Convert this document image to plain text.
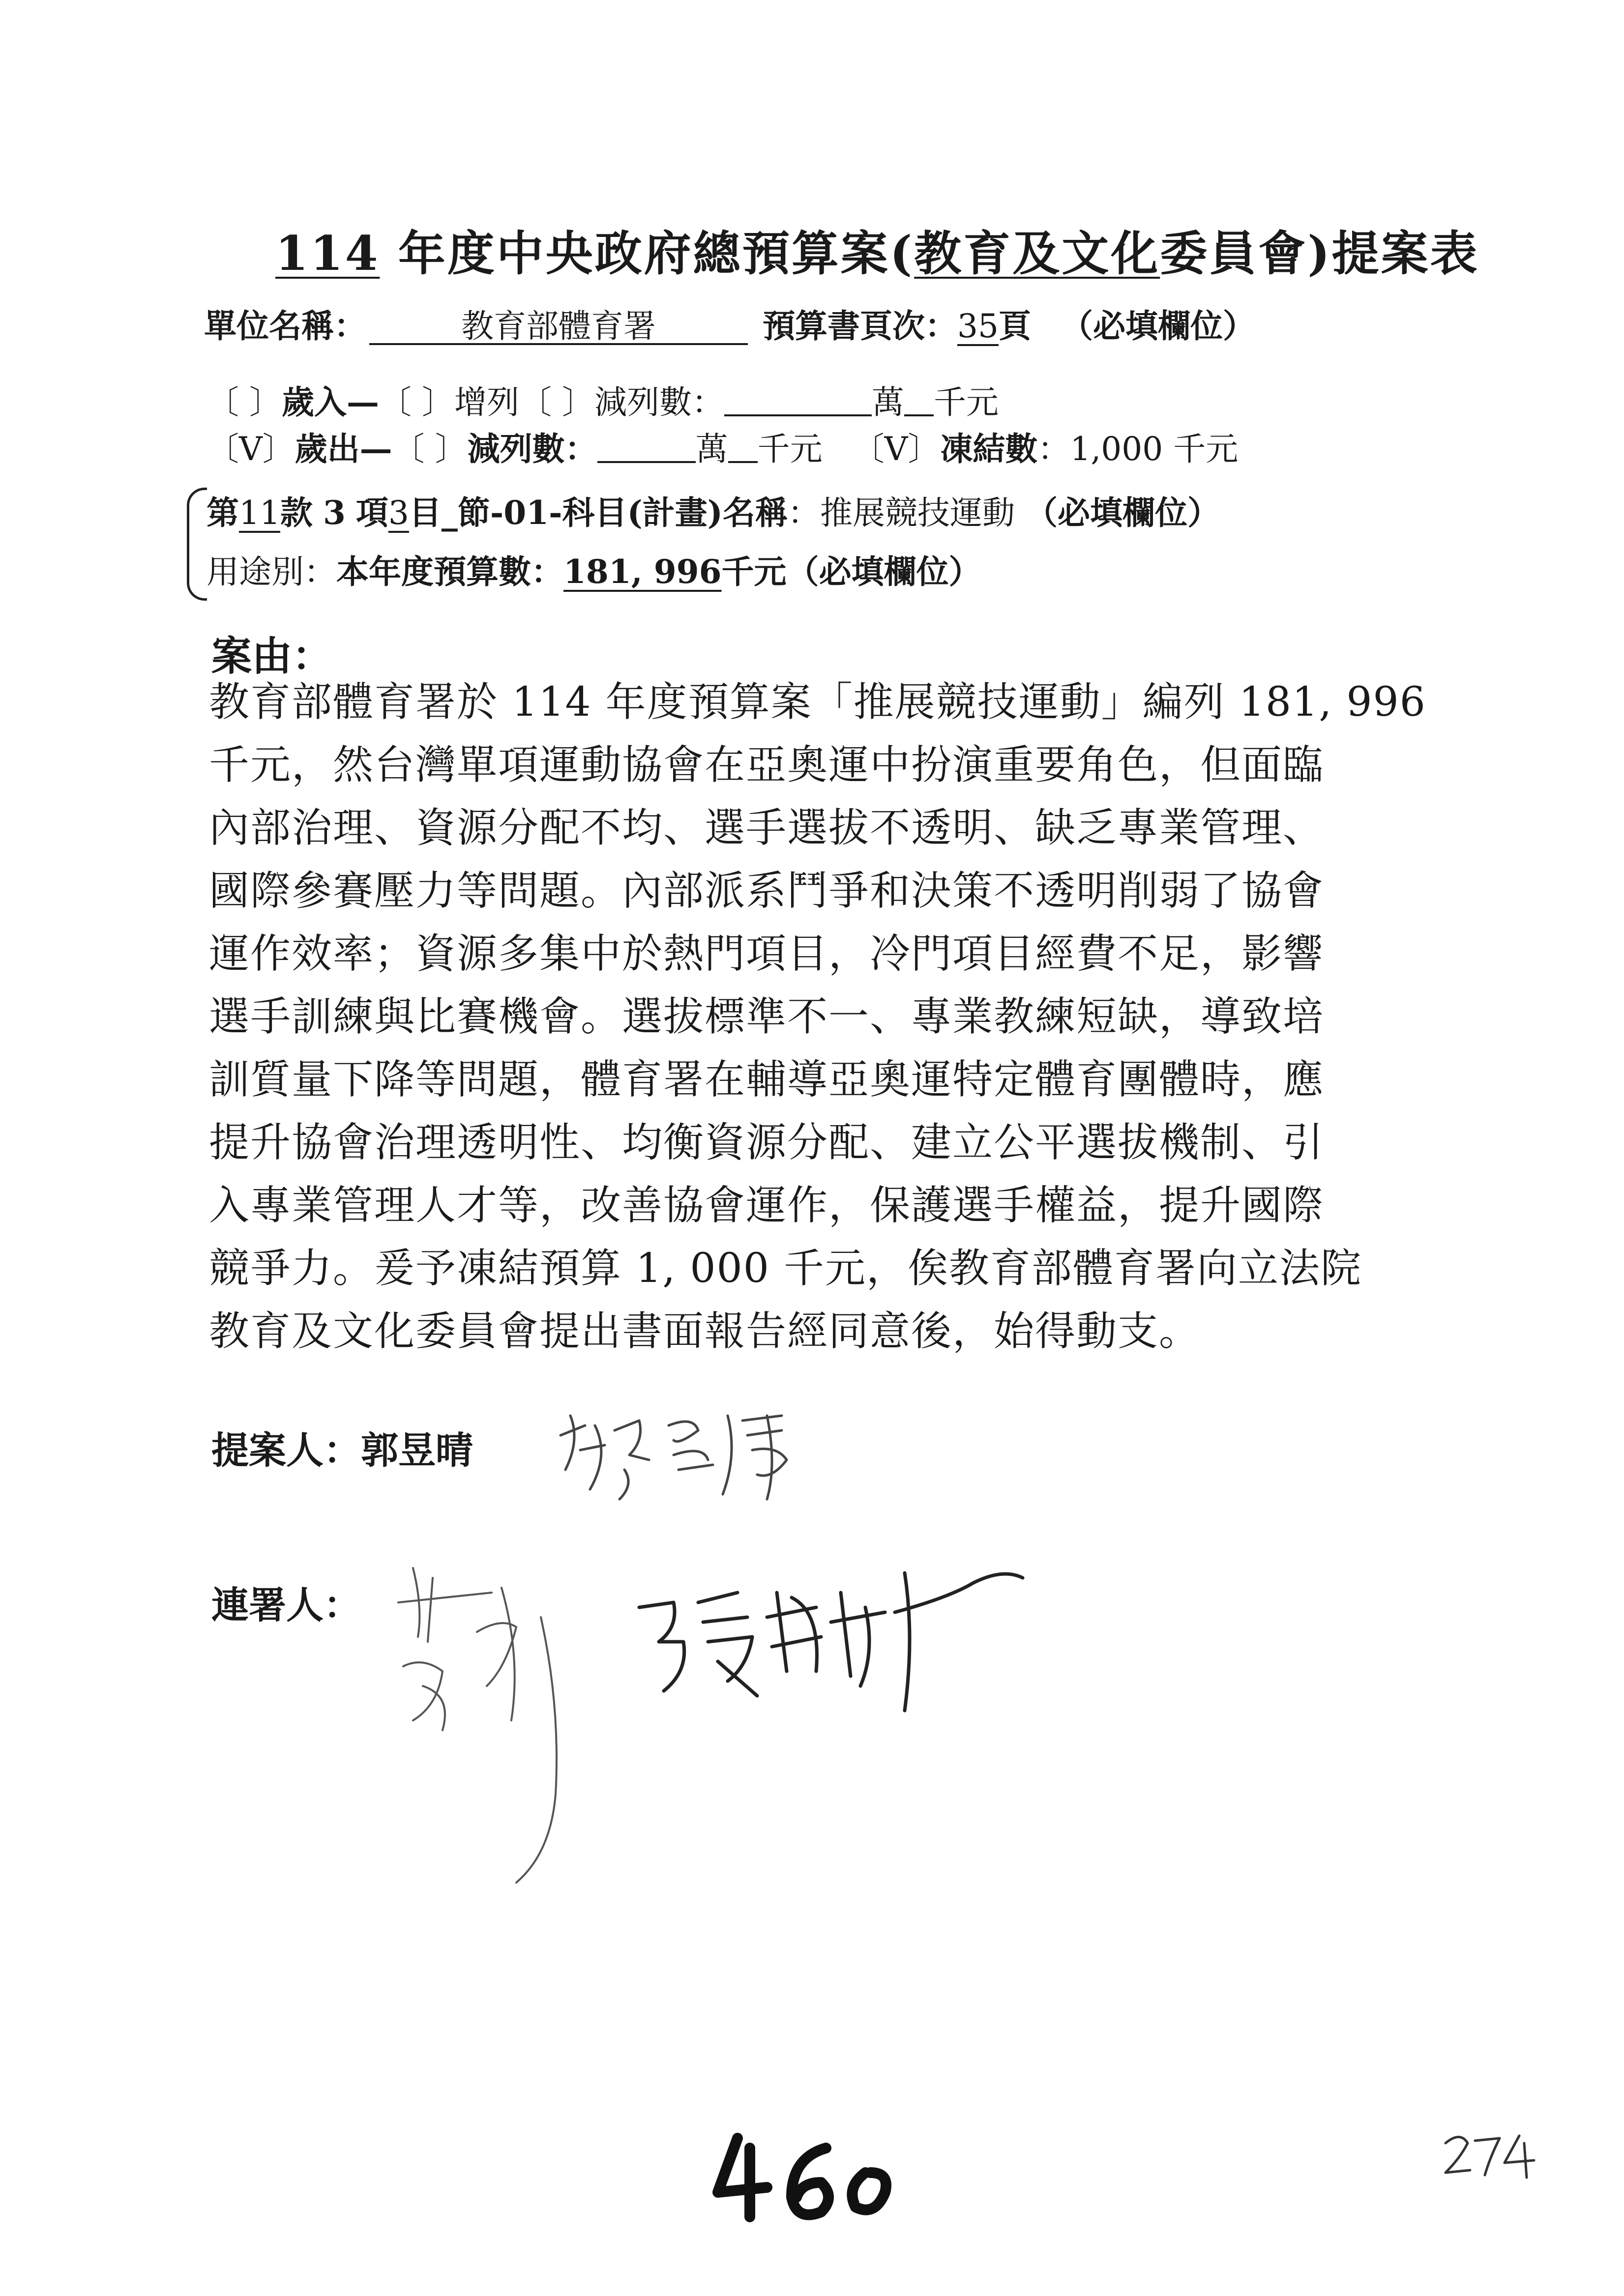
114 年度中央政府總預算案(教育及文化委員會)提案表
單位名稱：	教育部體育署	預算書頁次：35頁 （必填欄位）
〔 〕歲入—〔 〕增列〔 〕減列數：	萬 千元
〔V〕歲出—〔 〕減列數：	萬 千元 〔V〕凍結數：1,000 千元
第11款 3 項3目_節-01-科目(計畫)名稱：推展競技運動 （必填欄位）
用途別：本年度預算數：181, 996千元（必填欄位）
案由：
教育部體育署於 114 年度預算案「推展競技運動」編列 181, 996
千元，然台灣單項運動協會在亞奧運中扮演重要角色，但面臨
內部治理、資源分配不均、選手選拔不透明、缺乏專業管理、
國際參賽壓力等問題。內部派系鬥爭和決策不透明削弱了協會
運作效率；資源多集中於熱門項目，冷門項目經費不足，影響
選手訓練與比賽機會。選拔標準不一、專業教練短缺，導致培
訓質量下降等問題，體育署在輔導亞奧運特定體育團體時，應
提升協會治理透明性、均衡資源分配、建立公平選拔機制、引
入專業管理人才等，改善協會運作，保護選手權益，提升國際
競爭力。爰予凍結預算 1, 000 千元，俟教育部體育署向立法院
教育及文化委員會提出書面報告經同意後，始得動支。
提案人：郭昱晴
連署人：
